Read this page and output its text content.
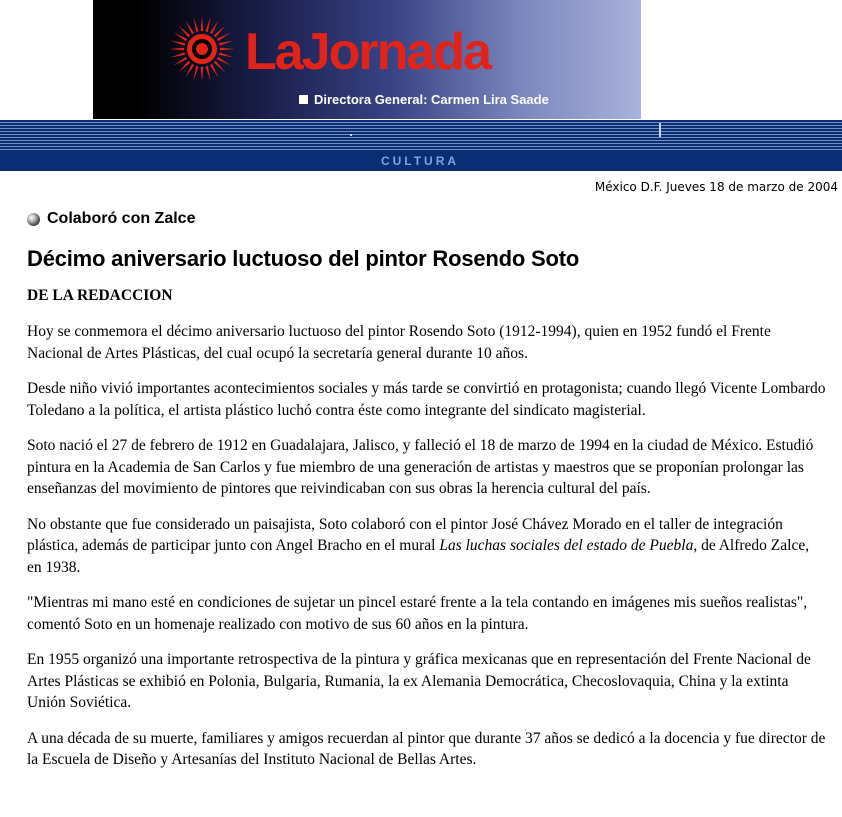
LaJornada
Directora General: Carmen Lira Saade
CULTURA
México D.F. Jueves 18 de marzo de 2004
Colaboró con Zalce
Décimo aniversario luctuoso del pintor Rosendo Soto

DE LA REDACCION

Hoy se conmemora el décimo aniversario luctuoso del pintor Rosendo Soto (1912-1994), quien en 1952 fundó el Frente Nacional de Artes Plásticas, del cual ocupó la secretaría general durante 10 años.

Desde niño vivió importantes acontecimientos sociales y más tarde se convirtió en protagonista; cuando llegó Vicente Lombardo Toledano a la política, el artista plástico luchó contra éste como integrante del sindicato magisterial.

Soto nació el 27 de febrero de 1912 en Guadalajara, Jalisco, y falleció el 18 de marzo de 1994 en la ciudad de México. Estudió pintura en la Academia de San Carlos y fue miembro de una generación de artistas y maestros que se proponían prolongar las enseñanzas del movimiento de pintores que reivindicaban con sus obras la herencia cultural del país.

No obstante que fue considerado un paisajista, Soto colaboró con el pintor José Chávez Morado en el taller de integración plástica, además de participar junto con Angel Bracho en el mural Las luchas sociales del estado de Puebla, de Alfredo Zalce, en 1938.

"Mientras mi mano esté en condiciones de sujetar un pincel estaré frente a la tela contando en imágenes mis sueños realistas", comentó Soto en un homenaje realizado con motivo de sus 60 años en la pintura.

En 1955 organizó una importante retrospectiva de la pintura y gráfica mexicanas que en representación del Frente Nacional de Artes Plásticas se exhibió en Polonia, Bulgaria, Rumania, la ex Alemania Democrática, Checoslovaquia, China y la extinta Unión Soviética.

A una década de su muerte, familiares y amigos recuerdan al pintor que durante 37 años se dedicó a la docencia y fue director de la Escuela de Diseño y Artesanías del Instituto Nacional de Bellas Artes.
